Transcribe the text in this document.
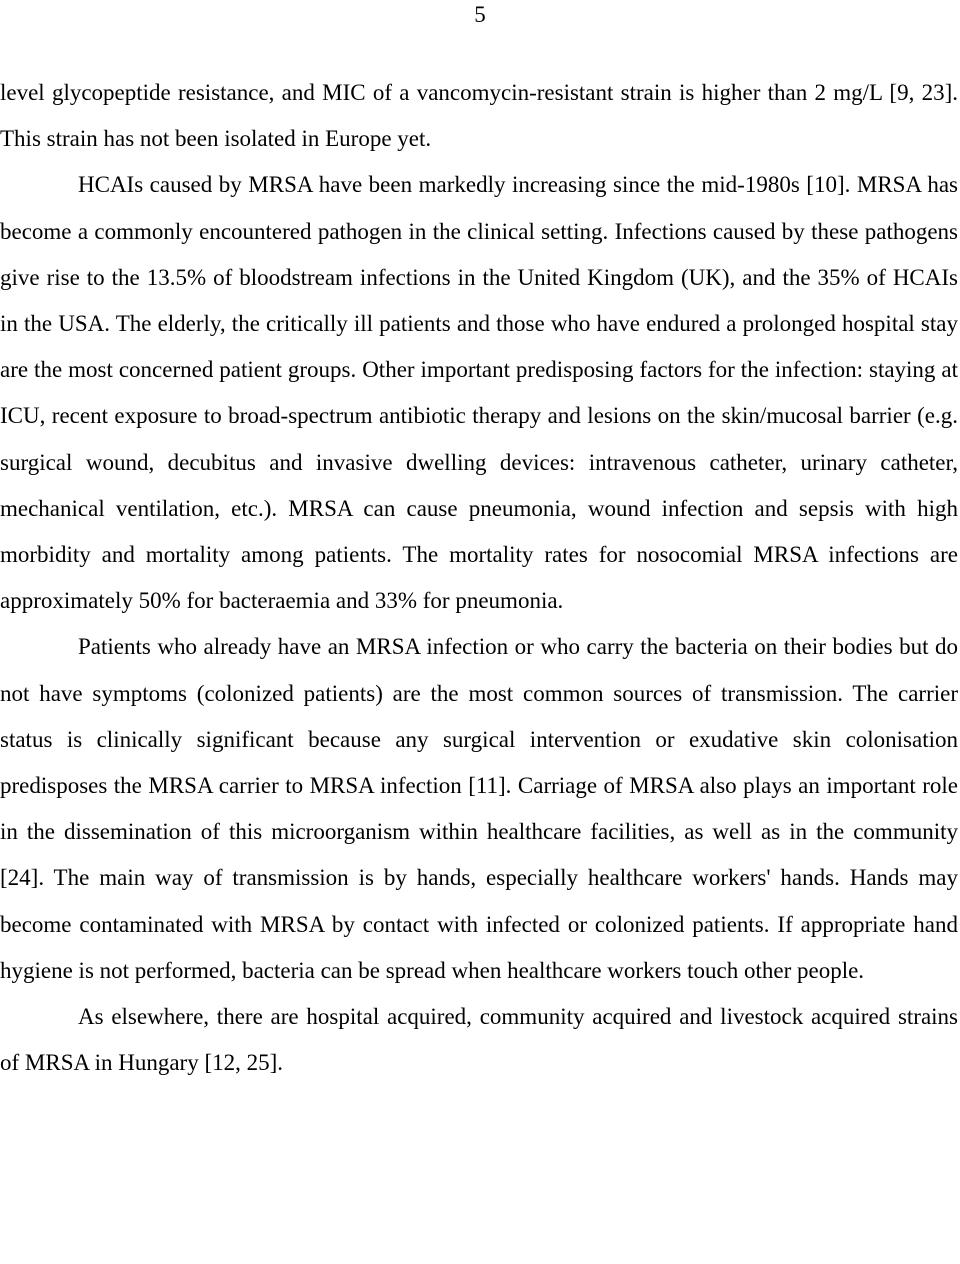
5

level glycopeptide resistance, and MIC of a vancomycin-resistant strain is higher than 2 mg/L [9, 23]. This strain has not been isolated in Europe yet.

HCAIs caused by MRSA have been markedly increasing since the mid-1980s [10]. MRSA has become a commonly encountered pathogen in the clinical setting. Infections caused by these pathogens give rise to the 13.5% of bloodstream infections in the United Kingdom (UK), and the 35% of HCAIs in the USA. The elderly, the critically ill patients and those who have endured a prolonged hospital stay are the most concerned patient groups. Other important predisposing factors for the infection: staying at ICU, recent exposure to broad-spectrum antibiotic therapy and lesions on the skin/mucosal barrier (e.g. surgical wound, decubitus and invasive dwelling devices: intravenous catheter, urinary catheter, mechanical ventilation, etc.). MRSA can cause pneumonia, wound infection and sepsis with high morbidity and mortality among patients. The mortality rates for nosocomial MRSA infections are approximately 50% for bacteraemia and 33% for pneumonia.

Patients who already have an MRSA infection or who carry the bacteria on their bodies but do not have symptoms (colonized patients) are the most common sources of transmission. The carrier status is clinically significant because any surgical intervention or exudative skin colonisation predisposes the MRSA carrier to MRSA infection [11]. Carriage of MRSA also plays an important role in the dissemination of this microorganism within healthcare facilities, as well as in the community [24]. The main way of transmission is by hands, especially healthcare workers' hands. Hands may become contaminated with MRSA by contact with infected or colonized patients. If appropriate hand hygiene is not performed, bacteria can be spread when healthcare workers touch other people.

As elsewhere, there are hospital acquired, community acquired and livestock acquired strains of MRSA in Hungary [12, 25].
